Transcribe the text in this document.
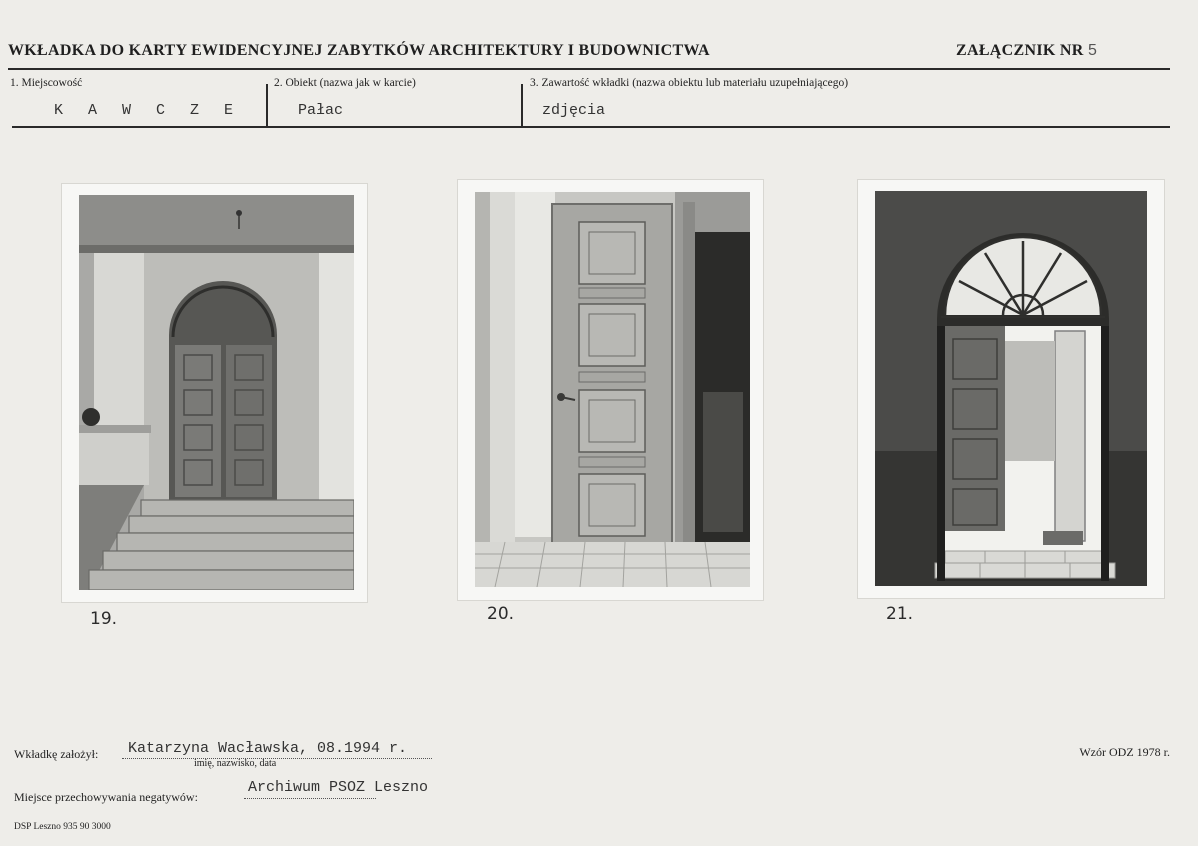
WKŁADKA DO KARTY EWIDENCYJNEJ ZABYTKÓW ARCHITEKTURY I BUDOWNICTWA	ZAŁĄCZNIK NR 5
1. Miejscowość
K A W C Z E
2. Obiekt (nazwa jak w karcie)
Pałac
3. Zawartość wkładki (nazwa obiektu lub materiału uzupełniającego)
zdjęcia
19.	20.	21.
Wkładkę założył: Katarzyna Wacławska, 08.1994 r.
imię, nazwisko, data
Wzór ODZ 1978 r.
Miejsce przechowywania negatywów:
Archiwum PSOZ Leszno
DSP Leszno 935 90 3000
